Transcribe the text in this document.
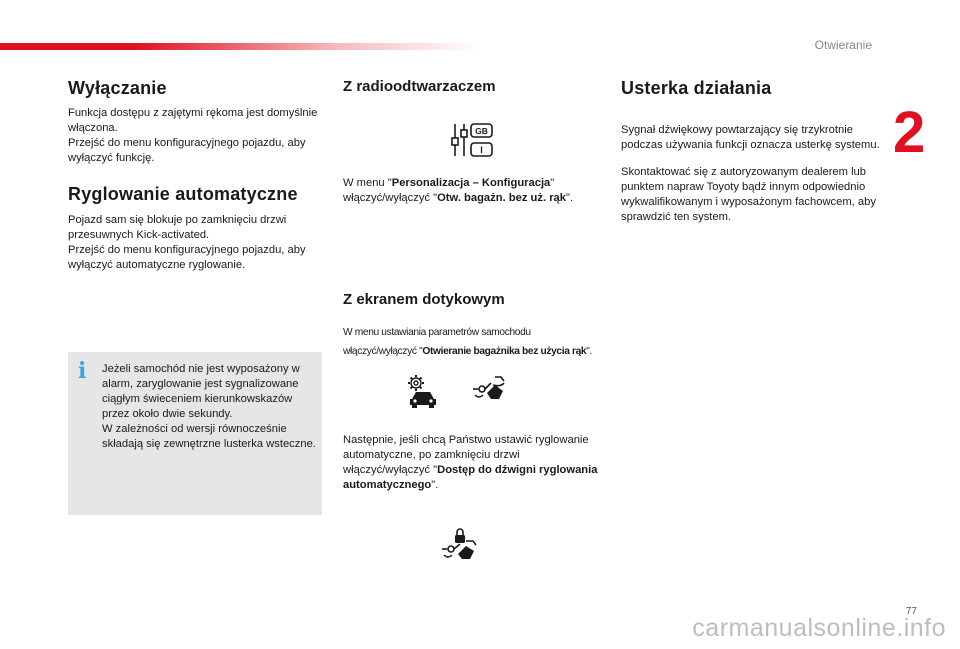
Otwieranie
2
Wyłączanie

Funkcja dostępu z zajętymi rękoma jest domyślnie włączona.

Przejść do menu konfiguracyjnego pojazdu, aby wyłączyć funkcję.

Ryglowanie automatyczne

Pojazd sam się blokuje po zamknięciu drzwi przesuwnych Kick-activated.

Przejść do menu konfiguracyjnego pojazdu, aby wyłączyć automatyczne ryglowanie.

i Jeżeli samochód nie jest wyposażony w alarm, zaryglowanie jest sygnalizowane ciągłym świeceniem kierunkowskazów przez około dwie sekundy.

W zależności od wersji równocześnie składają się zewnętrzne lusterka wsteczne.

Z radioodtwarzaczem
GB
I

W menu "Personalizacja – Konfiguracja" włączyć/wyłączyć "Otw. bagażn. bez uż. rąk".

Z ekranem dotykowym

W menu ustawiania parametrów samochodu włączyć/wyłączyć "Otwieranie bagażnika bez użycia rąk".

Następnie, jeśli chcą Państwo ustawić ryglowanie automatyczne, po zamknięciu drzwi włączyć/wyłączyć "Dostęp do dźwigni ryglowania automatycznego".

Usterka działania

Sygnał dźwiękowy powtarzający się trzykrotnie podczas używania funkcji oznacza usterkę systemu.

Skontaktować się z autoryzowanym dealerem lub punktem napraw Toyoty bądź innym odpowiednio wykwalifikowanym i wyposażonym fachowcem, aby sprawdzić ten system.

77
carmanualsonline.info
